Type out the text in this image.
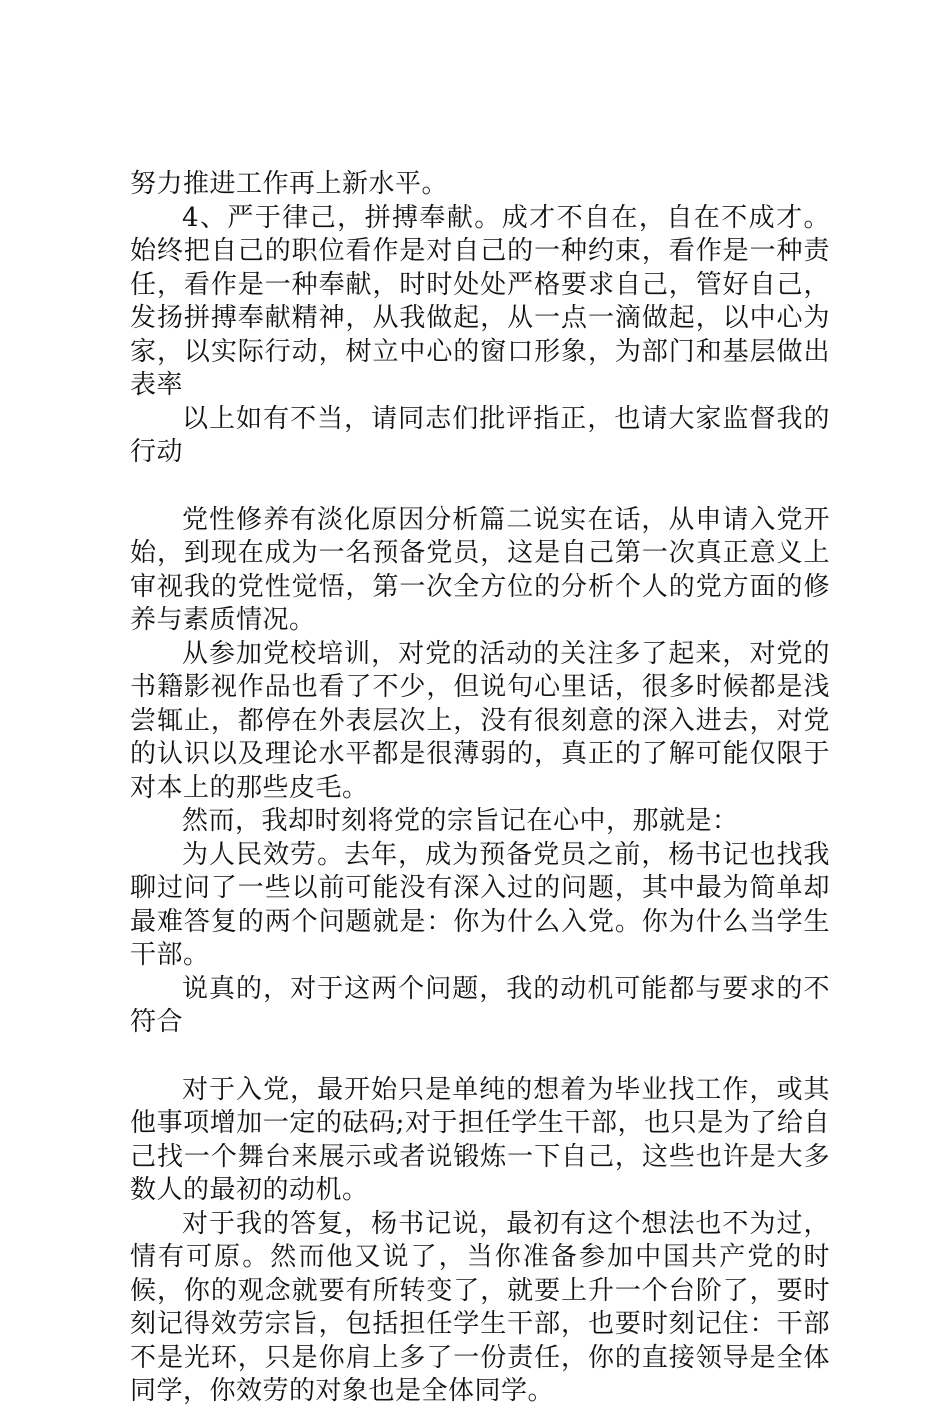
努力推进工作再上新水平。

4、严于律己，拼搏奉献。成才不自在，自在不成才。始终把自己的职位看作是对自己的一种约束，看作是一种责任，看作是一种奉献，时时处处严格要求自己，管好自己，发扬拼搏奉献精神，从我做起，从一点一滴做起，以中心为家，以实际行动，树立中心的窗口形象，为部门和基层做出表率

以上如有不当，请同志们批评指正，也请大家监督我的行动

党性修养有淡化原因分析篇二说实在话，从申请入党开始，到现在成为一名预备党员，这是自己第一次真正意义上审视我的党性觉悟，第一次全方位的分析个人的党方面的修养与素质情况。

从参加党校培训，对党的活动的关注多了起来，对党的书籍影视作品也看了不少，但说句心里话，很多时候都是浅尝辄止，都停在外表层次上，没有很刻意的深入进去，对党的认识以及理论水平都是很薄弱的，真正的了解可能仅限于对本上的那些皮毛。

然而，我却时刻将党的宗旨记在心中，那就是：

为人民效劳。去年，成为预备党员之前，杨书记也找我聊过问了一些以前可能没有深入过的问题，其中最为简单却最难答复的两个问题就是：你为什么入党。你为什么当学生干部。

说真的，对于这两个问题，我的动机可能都与要求的不符合

对于入党，最开始只是单纯的想着为毕业找工作，或其他事项增加一定的砝码;对于担任学生干部，也只是为了给自己找一个舞台来展示或者说锻炼一下自己，这些也许是大多数人的最初的动机。

对于我的答复，杨书记说，最初有这个想法也不为过，情有可原。然而他又说了，当你准备参加中国共产党的时候，你的观念就要有所转变了，就要上升一个台阶了，要时刻记得效劳宗旨，包括担任学生干部，也要时刻记住：干部不是光环，只是你肩上多了一份责任，你的直接领导是全体同学，你效劳的对象也是全体同学。
